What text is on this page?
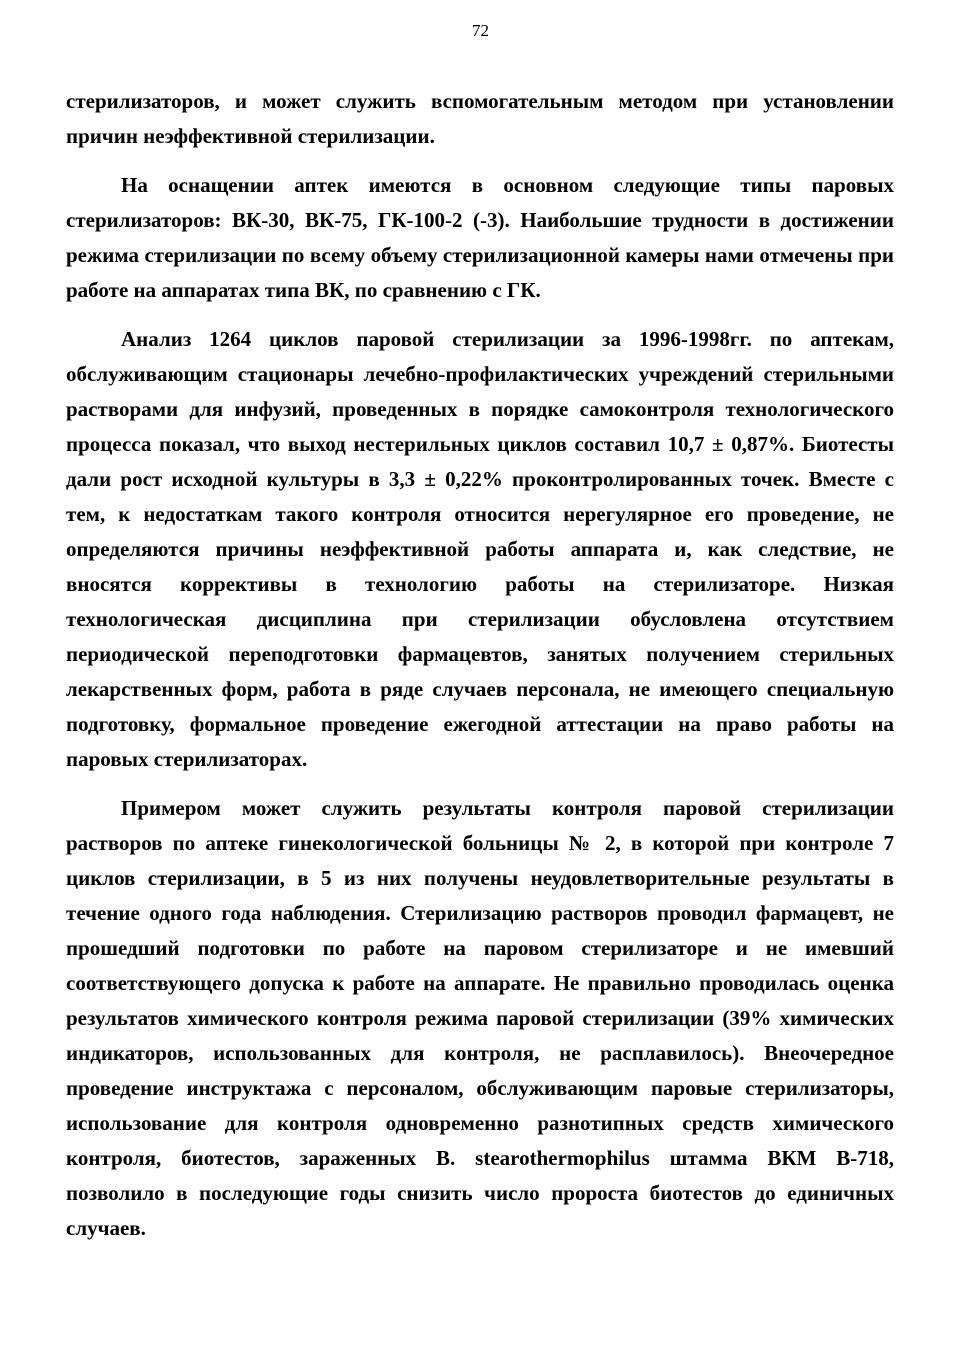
72

стерилизаторов, и может служить вспомогательным методом при установлении причин неэффективной стерилизации.

На оснащении аптек имеются в основном следующие типы паровых стерилизаторов: ВК-30, ВК-75, ГК-100-2 (-3). Наибольшие трудности в достижении режима стерилизации по всему объему стерилизационной камеры нами отмечены при работе на аппаратах типа ВК, по сравнению с ГК.

Анализ 1264 циклов паровой стерилизации за 1996-1998гг. по аптекам, обслуживающим стационары лечебно-профилактических учреждений стерильными растворами для инфузий, проведенных в порядке самоконтроля технологического процесса показал, что выход нестерильных циклов составил 10,7 ± 0,87%. Биотесты дали рост исходной культуры в 3,3 ± 0,22% проконтролированных точек. Вместе с тем, к недостаткам такого контроля относится нерегулярное его проведение, не определяются причины неэффективной работы аппарата и, как следствие, не вносятся коррективы в технологию работы на стерилизаторе. Низкая технологическая дисциплина при стерилизации обусловлена отсутствием периодической переподготовки фармацевтов, занятых получением стерильных лекарственных форм, работа в ряде случаев персонала, не имеющего специальную подготовку, формальное проведение ежегодной аттестации на право работы на паровых стерилизаторах.

Примером может служить результаты контроля паровой стерилизации растворов по аптеке гинекологической больницы № 2, в которой при контроле 7 циклов стерилизации, в 5 из них получены неудовлетворительные результаты в течение одного года наблюдения. Стерилизацию растворов проводил фармацевт, не прошедший подготовки по работе на паровом стерилизаторе и не имевший соответствующего допуска к работе на аппарате. Не правильно проводилась оценка результатов химического контроля режима паровой стерилизации (39% химических индикаторов, использованных для контроля, не расплавилось). Внеочередное проведение инструктажа с персоналом, обслуживающим паровые стерилизаторы, использование для контроля одновременно разнотипных средств химического контроля, биотестов, зараженных B. stearothermophilus штамма ВКМ В-718, позволило в последующие годы снизить число пророста биотестов до единичных случаев.
